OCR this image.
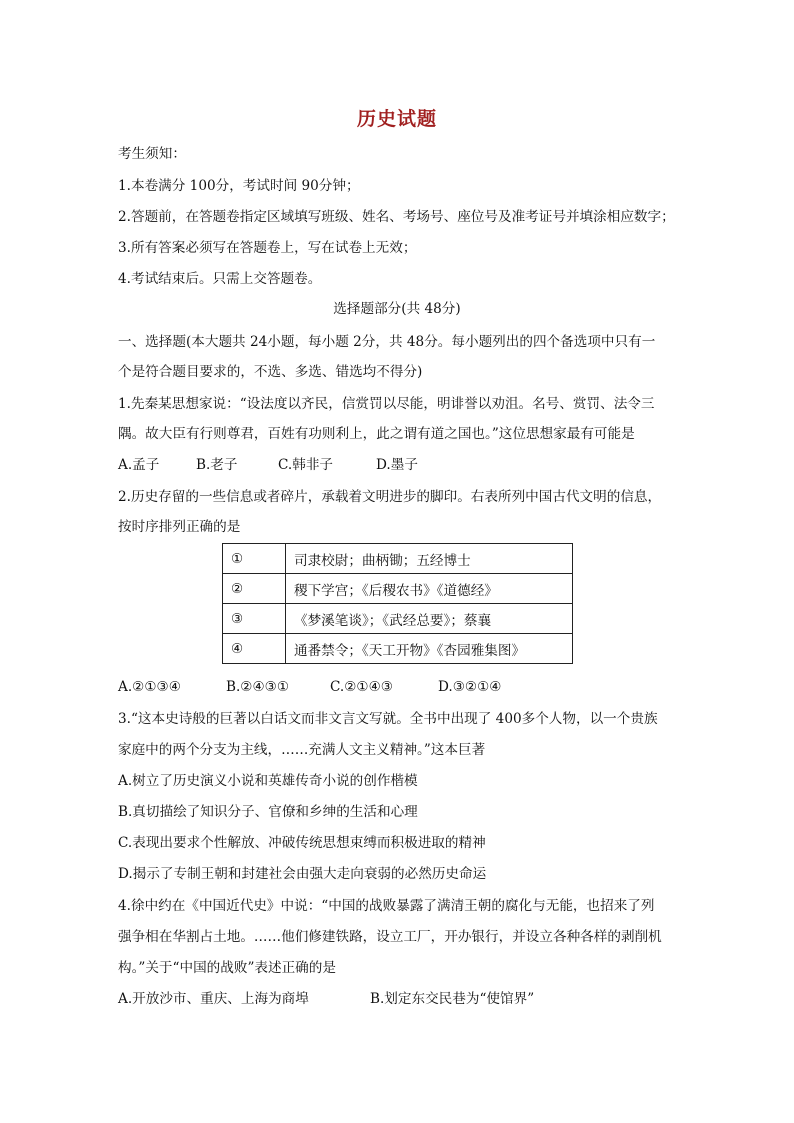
历史试题
考生须知：
1.本卷满分 100分，考试时间 90分钟；
2.答题前，在答题卷指定区域填写班级、姓名、考场号、座位号及准考证号并填涂相应数字；
3.所有答案必须写在答题卷上，写在试卷上无效；
4.考试结束后。只需上交答题卷。
选择题部分(共 48分)
一、选择题(本大题共 24小题，每小题 2分，共 48分。每小题列出的四个备选项中只有一
个是符合题目要求的，不选、多选、错选均不得分)
1.先秦某思想家说：“设法度以齐民，信赏罚以尽能，明诽誉以劝沮。名号、赏罚、法令三
隅。故大臣有行则尊君，百姓有功则利上，此之谓有道之国也。”这位思想家最有可能是
A.孟子	B.老子	C.韩非子	D.墨子
2.历史存留的一些信息或者碎片，承载着文明进步的脚印。右表所列中国古代文明的信息，
按时序排列正确的是
①	司隶校尉；曲柄锄；五经博士
②	稷下学宫；《后稷农书》《道德经》
③	《梦溪笔谈》；《武经总要》；蔡襄
④	通番禁令；《天工开物》《杏园雅集图》
A.②①③④	B.②④③①	C.②①④③	D.③②①④
3.“这本史诗般的巨著以白话文而非文言文写就。全书中出现了 400多个人物，以一个贵族
家庭中的两个分支为主线，……充满人文主义精神。”这本巨著
A.树立了历史演义小说和英雄传奇小说的创作楷模
B.真切描绘了知识分子、官僚和乡绅的生活和心理
C.表现出要求个性解放、冲破传统思想束缚而积极进取的精神
D.揭示了专制王朝和封建社会由强大走向衰弱的必然历史命运
4.徐中约在《中国近代史》中说：“中国的战败暴露了满清王朝的腐化与无能，也招来了列
强争相在华割占土地。……他们修建铁路，设立工厂，开办银行，并设立各种各样的剥削机
构。”关于“中国的战败”表述正确的是
A.开放沙市、重庆、上海为商埠	B.划定东交民巷为“使馆界”
